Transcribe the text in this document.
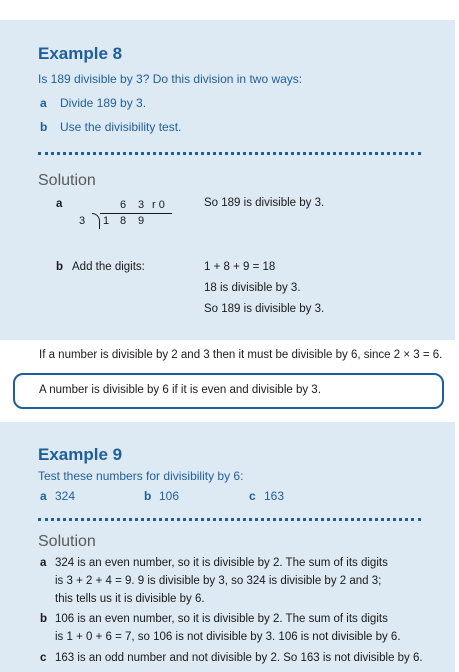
Example 8
Is 189 divisible by 3? Do this division in two ways:
a Divide 189 by 3.
b Use the divisibility test.
Solution
a	6 3 r 0
3 1 8 9
So 189 is divisible by 3.
b Add the digits:	1 + 8 + 9 = 18
18 is divisible by 3.
So 189 is divisible by 3.
If a number is divisible by 2 and 3 then it must be divisible by 6, since 2 × 3 = 6.
A number is divisible by 6 if it is even and divisible by 3.
Example 9
Test these numbers for divisibility by 6:
a 324	b 106	c 163
Solution
a 324 is an even number, so it is divisible by 2. The sum of its digits
is 3 + 2 + 4 = 9. 9 is divisible by 3, so 324 is divisible by 2 and 3;
this tells us it is divisible by 6.
b 106 is an even number, so it is divisible by 2. The sum of its digits
is 1 + 0 + 6 = 7, so 106 is not divisible by 3. 106 is not divisible by 6.
c 163 is an odd number and not divisible by 2. So 163 is not divisible by 6.
